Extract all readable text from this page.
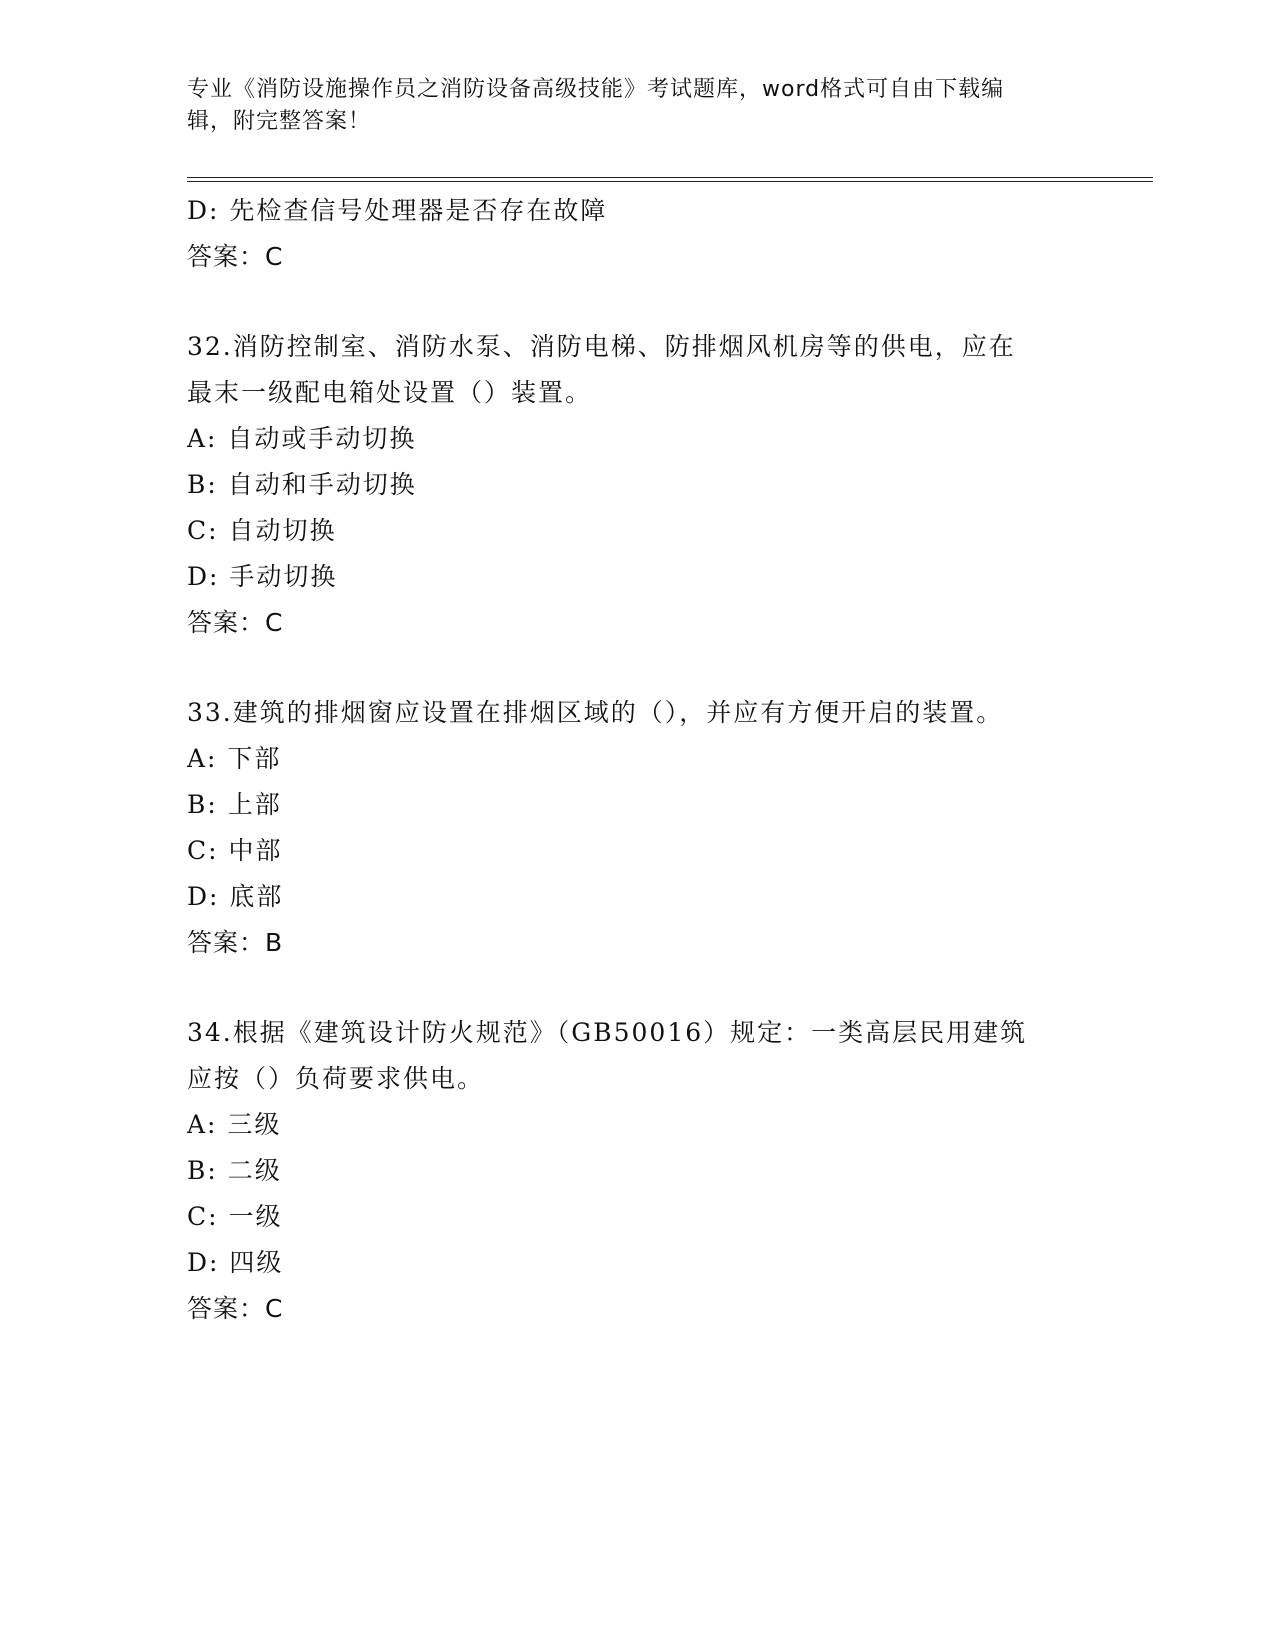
专业《消防设施操作员之消防设备高级技能》考试题库，word格式可自由下载编
辑，附完整答案！
D: 先检查信号处理器是否存在故障
答案：C
32.消防控制室、消防水泵、消防电梯、防排烟风机房等的供电，应在
最末一级配电箱处设置（）装置。
A: 自动或手动切换
B: 自动和手动切换
C: 自动切换
D: 手动切换
答案：C
33.建筑的排烟窗应设置在排烟区域的（），并应有方便开启的装置。
A: 下部
B: 上部
C: 中部
D: 底部
答案：B
34.根据《建筑设计防火规范》（GB50016）规定：一类高层民用建筑
应按（）负荷要求供电。
A: 三级
B: 二级
C: 一级
D: 四级
答案：C
